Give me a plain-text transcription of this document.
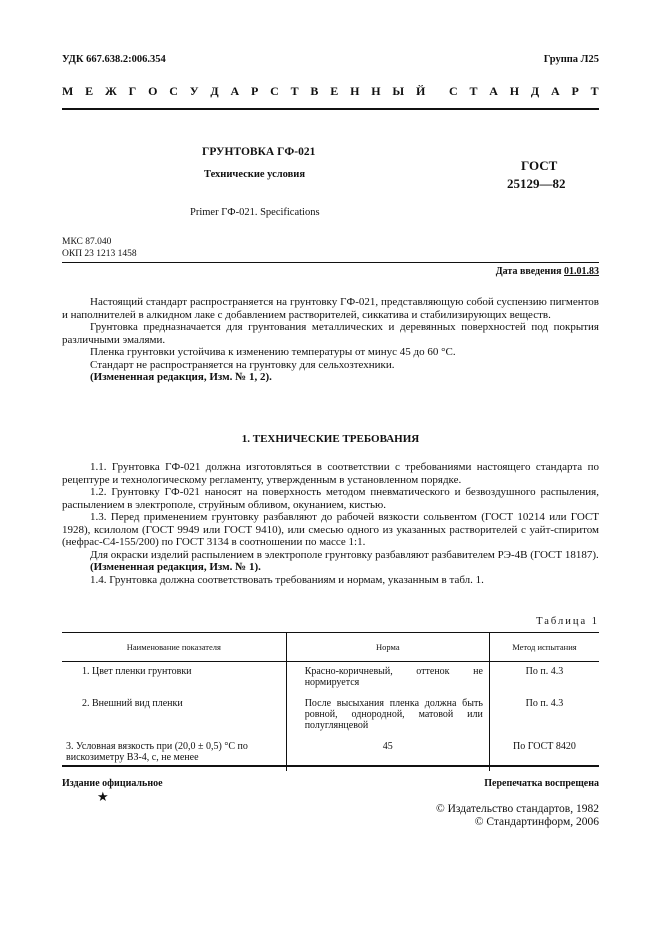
УДК 667.638.2:006.354	Группа Л25
М Е Ж Г О С У Д А Р С Т В Е Н Н Ы Й С Т А Н Д А Р Т
ГРУНТОВКА ГФ-021
Технические условия
ГОСТ
25129—82
Primer ГФ-021. Specifications
МКС 87.040
ОКП 23 1213 1458
Дата введения 01.01.83

Настоящий стандарт распространяется на грунтовку ГФ-021, представляющую собой суспензию пигментов и наполнителей в алкидном лаке с добавлением растворителей, сиккатива и стабилизирующих веществ.

Грунтовка предназначается для грунтования металлических и деревянных поверхностей под покрытия различными эмалями.

Пленка грунтовки устойчива к изменению температуры от минус 45 до 60 °С.

Стандарт не распространяется на грунтовку для сельхозтехники.

(Измененная редакция, Изм. № 1, 2).

1. ТЕХНИЧЕСКИЕ ТРЕБОВАНИЯ

1.1. Грунтовка ГФ-021 должна изготовляться в соответствии с требованиями настоящего стандарта по рецептуре и технологическому регламенту, утвержденным в установленном порядке.

1.2. Грунтовку ГФ-021 наносят на поверхность методом пневматического и безвоздушного распыления, распылением в электрополе, струйным обливом, окунанием, кистью.

1.3. Перед применением грунтовку разбавляют до рабочей вязкости сольвентом (ГОСТ 10214 или ГОСТ 1928), ксилолом (ГОСТ 9949 или ГОСТ 9410), или смесью одного из указанных растворителей с уайт-спиритом (нефрас-С4-155/200) по ГОСТ 3134 в соотношении по массе 1:1.

Для окраски изделий распылением в электрополе грунтовку разбавляют разбавителем РЭ-4В (ГОСТ 18187).

(Измененная редакция, Изм. № 1).

1.4. Грунтовка должна соответствовать требованиям и нормам, указанным в табл. 1.

Таблица 1
Наименование показателя	Норма	Метод испытания
1. Цвет пленки грунтовки	Красно-коричневый, оттенок не нормируется	По п. 4.3
2. Внешний вид пленки	После высыхания пленка должна быть ровной, однородной, матовой или полуглянцевой	По п. 4.3
3. Условная вязкость при (20,0 ± 0,5) °С по вискозиметру ВЗ-4, с, не менее	45	По ГОСТ 8420
Издание официальное
★
Перепечатка воспрещена
© Издательство стандартов, 1982
© Стандартинформ, 2006
